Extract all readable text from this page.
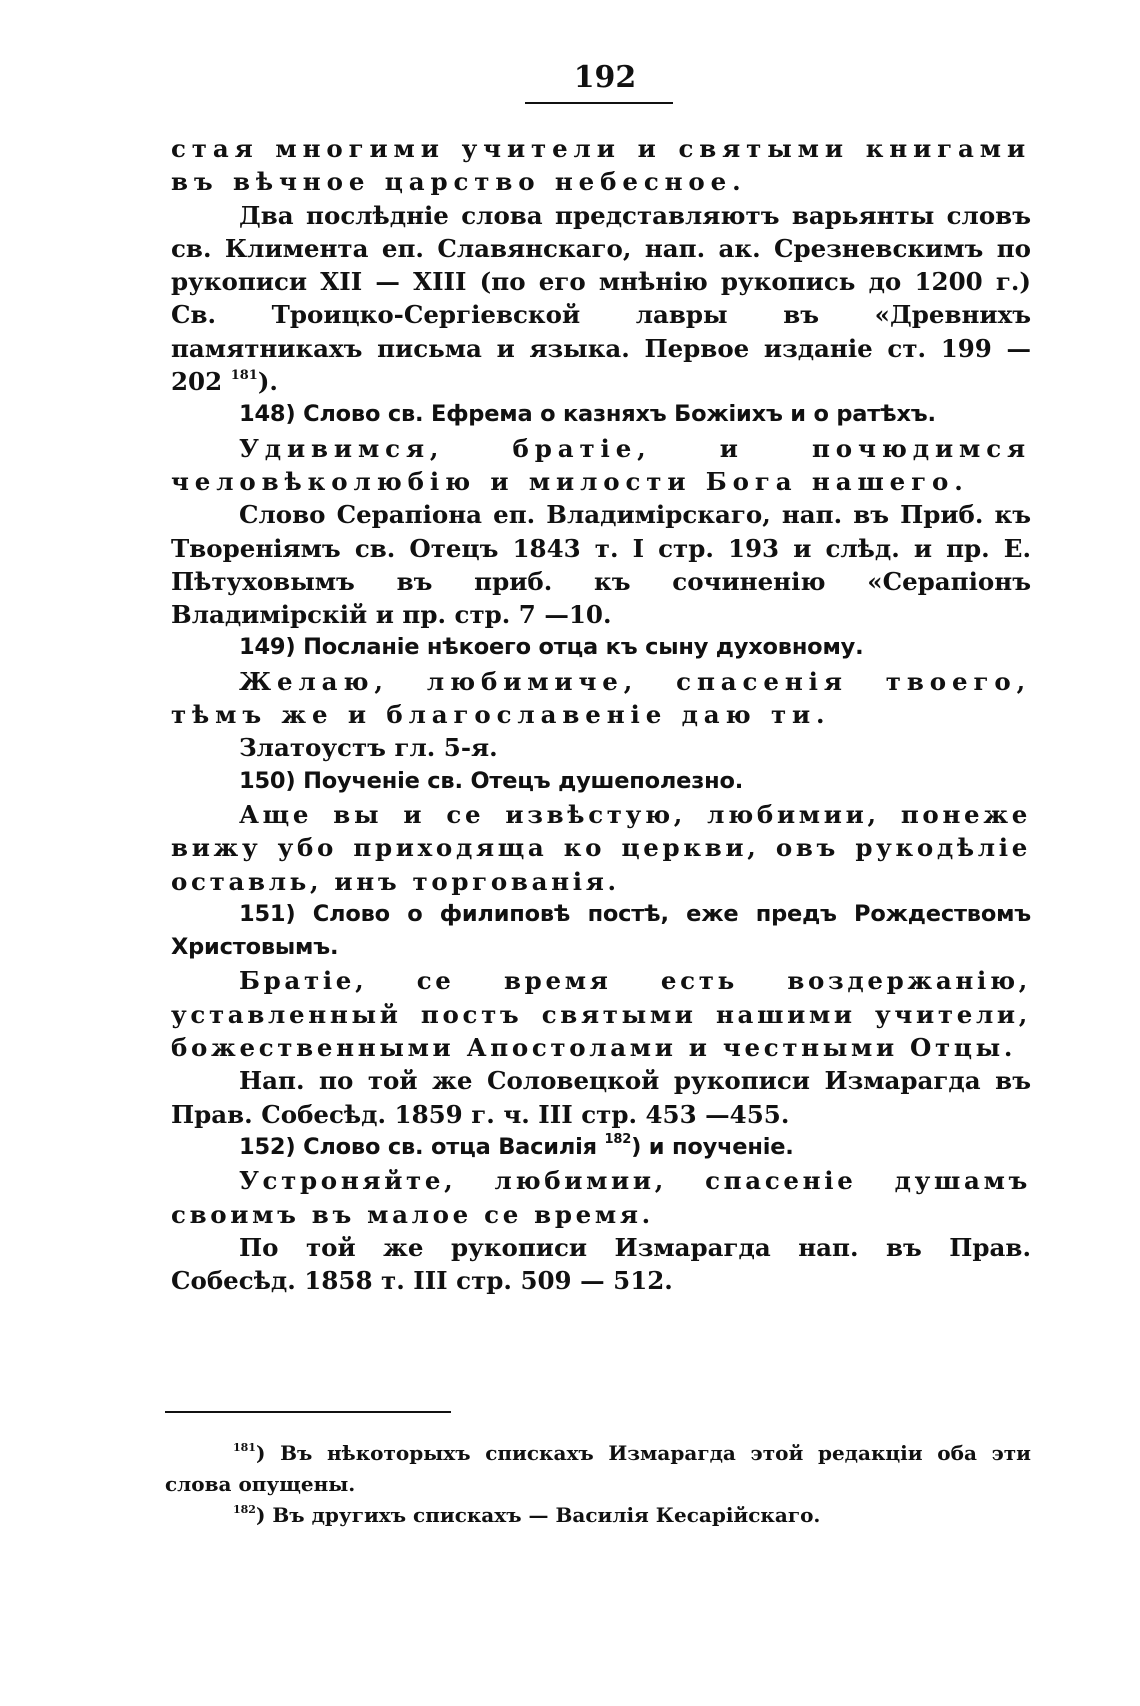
192

стая многими учители и святыми книгами въ вѣчное царство небесное.

Два послѣдніе слова представляютъ варьянты словъ св. Климента еп. Славянскаго, нап. ак. Срезневскимъ по рукописи XII — XIII (по его мнѣнію рукопись до 1200 г.) Св. Троицко-Сергіевской лавры въ «Древнихъ памятникахъ письма и языка. Первое изданіе ст. 199 —202 $^{181}$).

148) Слово св. Ефрема о казняхъ Божіихъ и о ратѣхъ.

Удивимся, братіе, и почюдимся человѣколюбію и милости Бога нашего.

Слово Серапіона еп. Владимірскаго, нап. въ Приб. къ Твореніямъ св. Отецъ 1843 т. I стр. 193 и слѣд. и пр. Е. Пѣтуховымъ въ приб. къ сочиненію «Серапіонъ Владимірскій и пр. стр. 7 —10.

149) Посланіе нѣкоего отца къ сыну духовному.

Желаю, любимиче, спасенія твоего, тѣмъ же и благославеніе даю ти.

Златоустъ гл. 5-я.

150) Поученіе св. Отецъ душеполезно.

Аще вы и се извѣстую, любимии, понеже вижу убо приходяща ко церкви, овъ рукодѣліе оставль, инъ торгованія.

151) Слово о филиповѣ постѣ, еже предъ Рождествомъ Христовымъ.

Братіе, се время есть воздержанію, уставленный постъ святыми нашими учители, божественными Апостолами и честными Отцы.

Нап. по той же Соловецкой рукописи Измарагда въ Прав. Собесѣд. 1859 г. ч. III стр. 453 —455.

152) Слово св. отца Василія $^{182}$) и поученіе.

Устроняйте, любимии, спасеніе душамъ своимъ въ малое се время.

По той же рукописи Измарагда нап. въ Прав. Собесѣд. 1858 т. III стр. 509 — 512.

$^{181}$) Въ нѣкоторыхъ спискахъ Измарагда этой редакціи оба эти слова опущены.

$^{182}$) Въ другихъ спискахъ — Василія Кесарійскаго.
